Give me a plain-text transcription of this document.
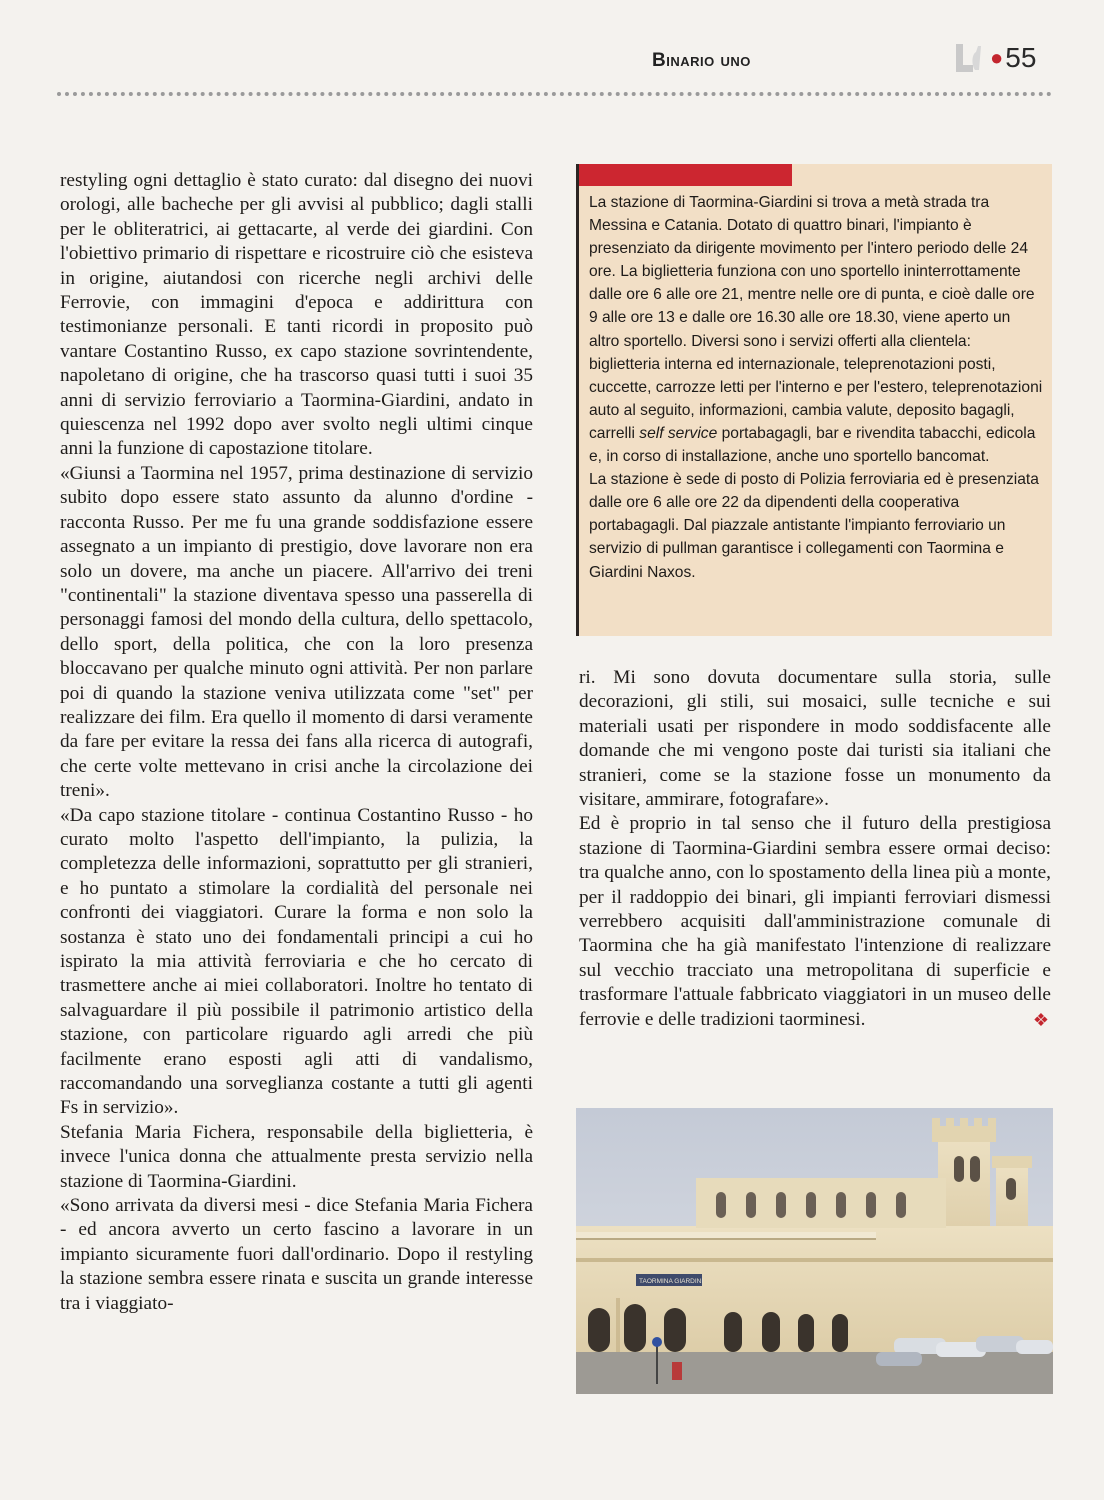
Binario uno	● 55

restyling ogni dettaglio è stato curato: dal disegno dei nuovi orologi, alle bacheche per gli avvisi al pubblico; dagli stalli per le obliteratrici, ai gettacarte, al verde dei giardini. Con l'obiettivo primario di rispettare e ricostruire ciò che esisteva in origine, aiutandosi con ricerche negli archivi delle Ferrovie, con immagini d'epoca e addirittura con testimonianze personali. E tanti ricordi in proposito può vantare Costantino Russo, ex capo stazione sovrintendente, napoletano di origine, che ha trascorso quasi tutti i suoi 35 anni di servizio ferroviario a Taormina-Giardini, andato in quiescenza nel 1992 dopo aver svolto negli ultimi cinque anni la funzione di capostazione titolare.

«Giunsi a Taormina nel 1957, prima destinazione di servizio subito dopo essere stato assunto da alunno d'ordine - racconta Russo. Per me fu una grande soddisfazione essere assegnato a un impianto di prestigio, dove lavorare non era solo un dovere, ma anche un piacere. All'arrivo dei treni "continentali" la stazione diventava spesso una passerella di personaggi famosi del mondo della cultura, dello spettacolo, dello sport, della politica, che con la loro presenza bloccavano per qualche minuto ogni attività. Per non parlare poi di quando la stazione veniva utilizzata come "set" per realizzare dei film. Era quello il momento di darsi veramente da fare per evitare la ressa dei fans alla ricerca di autografi, che certe volte mettevano in crisi anche la circolazione dei treni».

«Da capo stazione titolare - continua Costantino Russo - ho curato molto l'aspetto dell'impianto, la pulizia, la completezza delle informazioni, soprattutto per gli stranieri, e ho puntato a stimolare la cordialità del personale nei confronti dei viaggiatori. Curare la forma e non solo la sostanza è stato uno dei fondamentali principi a cui ho ispirato la mia attività ferroviaria e che ho cercato di trasmettere anche ai miei collaboratori. Inoltre ho tentato di salvaguardare il più possibile il patrimonio artistico della stazione, con particolare riguardo agli arredi che più facilmente erano esposti agli atti di vandalismo, raccomandando una sorveglianza costante a tutti gli agenti Fs in servizio».

Stefania Maria Fichera, responsabile della biglietteria, è invece l'unica donna che attualmente presta servizio nella stazione di Taormina-Giardini.

«Sono arrivata da diversi mesi - dice Stefania Maria Fichera - ed ancora avverto un certo fascino a lavorare in un impianto sicuramente fuori dall'ordinario. Dopo il restyling la stazione sembra essere rinata e suscita un grande interesse tra i viaggiato-

La stazione di Taormina-Giardini si trova a metà strada tra Messina e Catania. Dotato di quattro binari, l'impianto è presenziato da dirigente movimento per l'intero periodo delle 24 ore. La biglietteria funziona con uno sportello ininterrottamente dalle ore 6 alle ore 21, mentre nelle ore di punta, e cioè dalle ore 9 alle ore 13 e dalle ore 16.30 alle ore 18.30, viene aperto un altro sportello. Diversi sono i servizi offerti alla clientela: biglietteria interna ed internazionale, teleprenotazioni posti, cuccette, carrozze letti per l'interno e per l'estero, teleprenotazioni auto al seguito, informazioni, cambia valute, deposito bagagli, carrelli self service portabagagli, bar e rivendita tabacchi, edicola e, in corso di installazione, anche uno sportello bancomat.

La stazione è sede di posto di Polizia ferroviaria ed è presenziata dalle ore 6 alle ore 22 da dipendenti della cooperativa portabagagli. Dal piazzale antistante l'impianto ferroviario un servizio di pullman garantisce i collegamenti con Taormina e Giardini Naxos.

ri. Mi sono dovuta documentare sulla storia, sulle decorazioni, gli stili, sui mosaici, sulle tecniche e sui materiali usati per rispondere in modo soddisfacente alle domande che mi vengono poste dai turisti sia italiani che stranieri, come se la stazione fosse un monumento da visitare, ammirare, fotografare».

Ed è proprio in tal senso che il futuro della prestigiosa stazione di Taormina-Giardini sembra essere ormai deciso: tra qualche anno, con lo spostamento della linea più a monte, per il raddoppio dei binari, gli impianti ferroviari dismessi verrebbero acquisiti dall'amministrazione comunale di Taormina che ha già manifestato l'intenzione di realizzare sul vecchio tracciato una metropolitana di superficie e trasformare l'attuale fabbricato viaggiatori in un museo delle ferrovie e delle tradizioni taorminesi.	❖

TAORMINA GIARDINI
